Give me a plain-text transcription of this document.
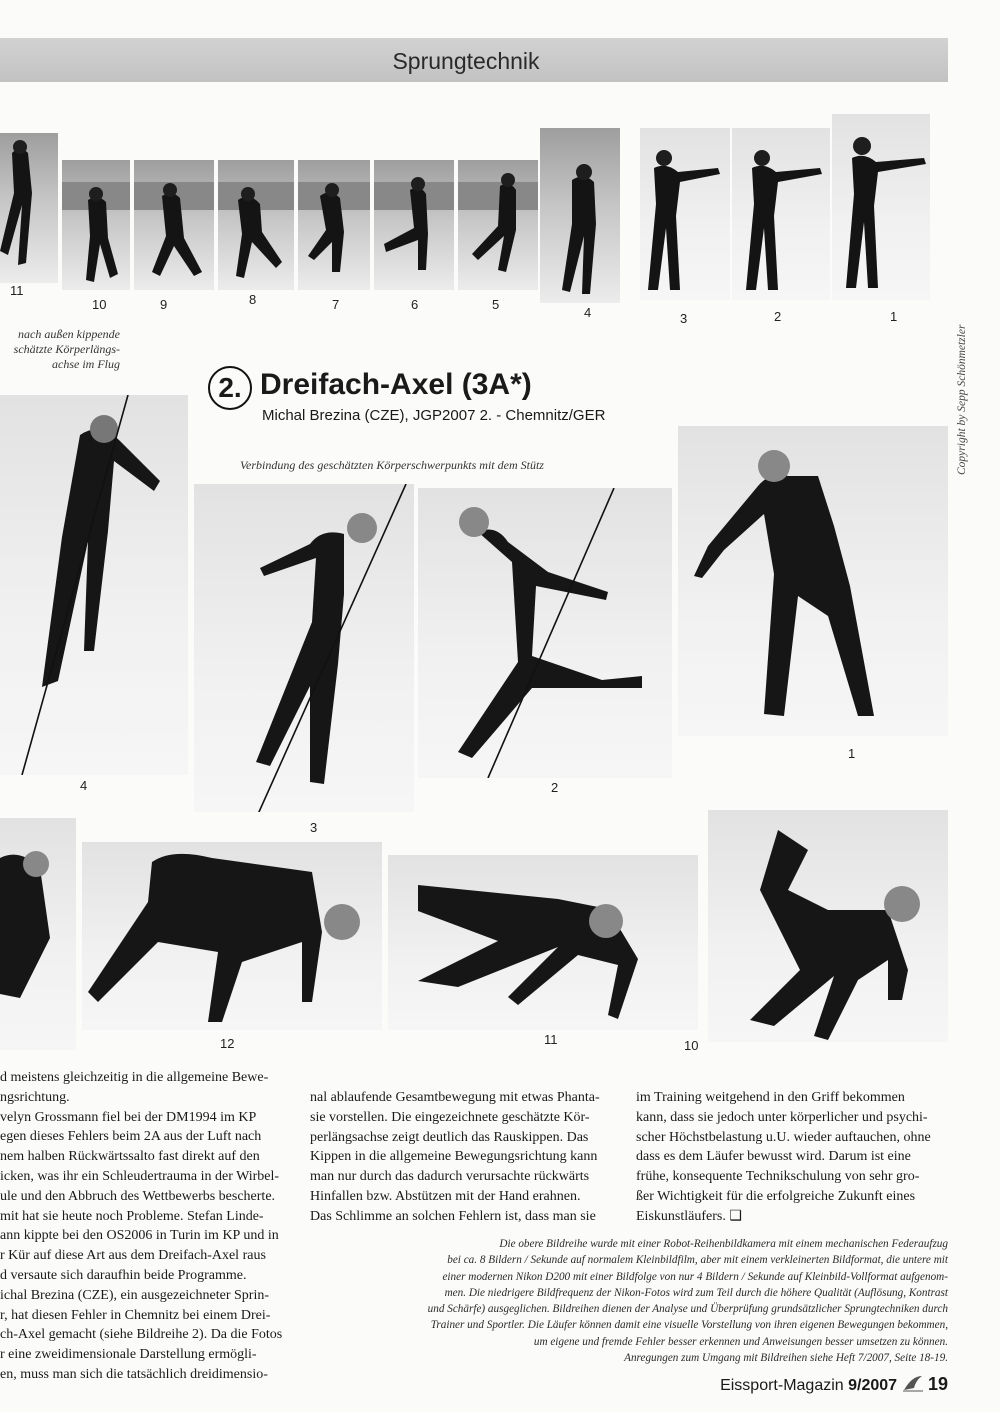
Sprungtechnik
11
10	9	8	7	6	5
4	3	2	1
nach außen kippende
schätzte Körperlängs-
achse im Flug
2. Dreifach-Axel (3A*)
Michal Brezina (CZE), JGP2007 2. - Chemnitz/GER	Copyright by Sepp Schönmetzler
Verbindung des geschätzten Körperschwerpunkts mit dem Stütz
4
3
2
1
12	11	10

d meistens gleichzeitig in die allgemeine Bewe-

ngsrichtung.

velyn Grossmann fiel bei der DM1994 im KP

egen dieses Fehlers beim 2A aus der Luft nach

nem halben Rückwärtssalto fast direkt auf den

icken, was ihr ein Schleudertrauma in der Wirbel-

ule und den Abbruch des Wettbewerbs bescherte.

mit hat sie heute noch Probleme. Stefan Linde-

ann kippte bei den OS2006 in Turin im KP und in

r Kür auf diese Art aus dem Dreifach-Axel raus

d versaute sich daraufhin beide Programme.

ichal Brezina (CZE), ein ausgezeichneter Sprin-

r, hat diesen Fehler in Chemnitz bei einem Drei-

ch-Axel gemacht (siehe Bildreihe 2). Da die Fotos

r eine zweidimensionale Darstellung ermögli-

en, muss man sich die tatsächlich dreidimensio-

nal ablaufende Gesamtbewegung mit etwas Phanta-

sie vorstellen. Die eingezeichnete geschätzte Kör-

perlängsachse zeigt deutlich das Rauskippen. Das

Kippen in die allgemeine Bewegungsrichtung kann

man nur durch das dadurch verursachte rückwärts

Hinfallen bzw. Abstützen mit der Hand erahnen.

Das Schlimme an solchen Fehlern ist, dass man sie

im Training weitgehend in den Griff bekommen

kann, dass sie jedoch unter körperlicher und psychi-

scher Höchstbelastung u.U. wieder auftauchen, ohne

dass es dem Läufer bewusst wird. Darum ist eine

frühe, konsequente Technikschulung von sehr gro-

ßer Wichtigkeit für die erfolgreiche Zukunft eines

Eiskunstläufers. ❑

Die obere Bildreihe wurde mit einer Robot-Reihenbildkamera mit einem mechanischen Federaufzug

bei ca. 8 Bildern / Sekunde auf normalem Kleinbildfilm, aber mit einem verkleinerten Bildformat, die untere mit

einer modernen Nikon D200 mit einer Bildfolge von nur 4 Bildern / Sekunde auf Kleinbild-Vollformat aufgenom-

men. Die niedrigere Bildfrequenz der Nikon-Fotos wird zum Teil durch die höhere Qualität (Auflösung, Kontrast

und Schärfe) ausgeglichen. Bildreihen dienen der Analyse und Überprüfung grundsätzlicher Sprungtechniken durch

Trainer und Sportler. Die Läufer können damit eine visuelle Vorstellung von ihren eigenen Bewegungen bekommen,

um eigene und fremde Fehler besser erkennen und Anweisungen besser umsetzen zu können.

Anregungen zum Umgang mit Bildreihen siehe Heft 7/2007, Seite 18-19.

Eissport-Magazin 9/2007 19
